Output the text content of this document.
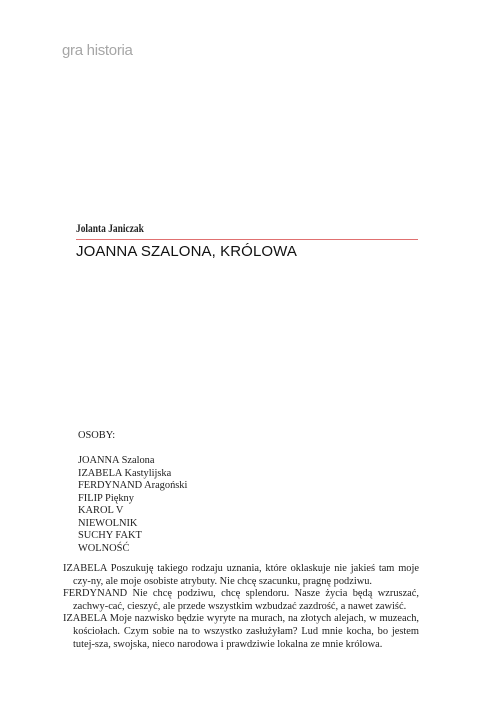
gra historia
Jolanta Janiczak
JOANNA SZALONA, KRÓLOWA
OSOBY:
JOANNA Szalona
IZABELA Kastylijska
FERDYNAND Aragoński
FILIP Piękny
KAROL V
NIEWOLNIK
SUCHY FAKT
WOLNOŚĆ
IZABELA Poszukuję takiego rodzaju uznania, które oklaskuje nie jakieś tam moje czy-ny, ale moje osobiste atrybuty. Nie chcę szacunku, pragnę podziwu.
FERDYNAND Nie chcę podziwu, chcę splendoru. Nasze życia będą wzruszać, zachwy-cać, cieszyć, ale przede wszystkim wzbudzać zazdrość, a nawet zawiść.
IZABELA Moje nazwisko będzie wyryte na murach, na złotych alejach, w muzeach, kościołach. Czym sobie na to wszystko zasłużyłam? Lud mnie kocha, bo jestem tutej-sza, swojska, nieco narodowa i prawdziwie lokalna ze mnie królowa.
